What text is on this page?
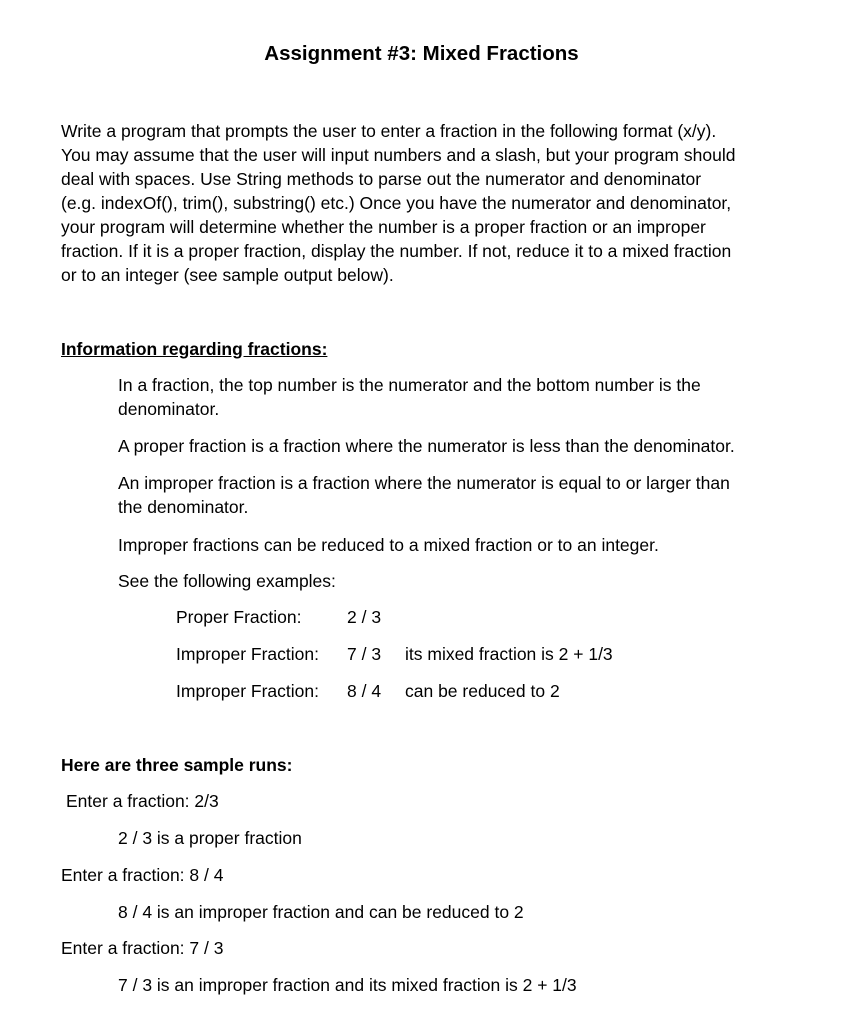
Assignment #3: Mixed Fractions
Write a program that prompts the user to enter a fraction in the following format (x/y).
You may assume that the user will input numbers and a slash, but your program should
deal with spaces. Use String methods to parse out the numerator and denominator
(e.g. indexOf(), trim(), substring() etc.) Once you have the numerator and denominator,
your program will determine whether the number is a proper fraction or an improper
fraction. If it is a proper fraction, display the number. If not, reduce it to a mixed fraction
or to an integer (see sample output below).
Information regarding fractions:
In a fraction, the top number is the numerator and the bottom number is the
denominator.
A proper fraction is a fraction where the numerator is less than the denominator.
An improper fraction is a fraction where the numerator is equal to or larger than
the denominator.
Improper fractions can be reduced to a mixed fraction or to an integer.
See the following examples:
Proper Fraction:	2 / 3
Improper Fraction: 7 / 3 its mixed fraction is 2 + 1/3
Improper Fraction: 8 / 4 can be reduced to 2
Here are three sample runs:
Enter a fraction: 2/3
2 / 3 is a proper fraction
Enter a fraction: 8 / 4
8 / 4 is an improper fraction and can be reduced to 2
Enter a fraction: 7 / 3
7 / 3 is an improper fraction and its mixed fraction is 2 + 1/3
